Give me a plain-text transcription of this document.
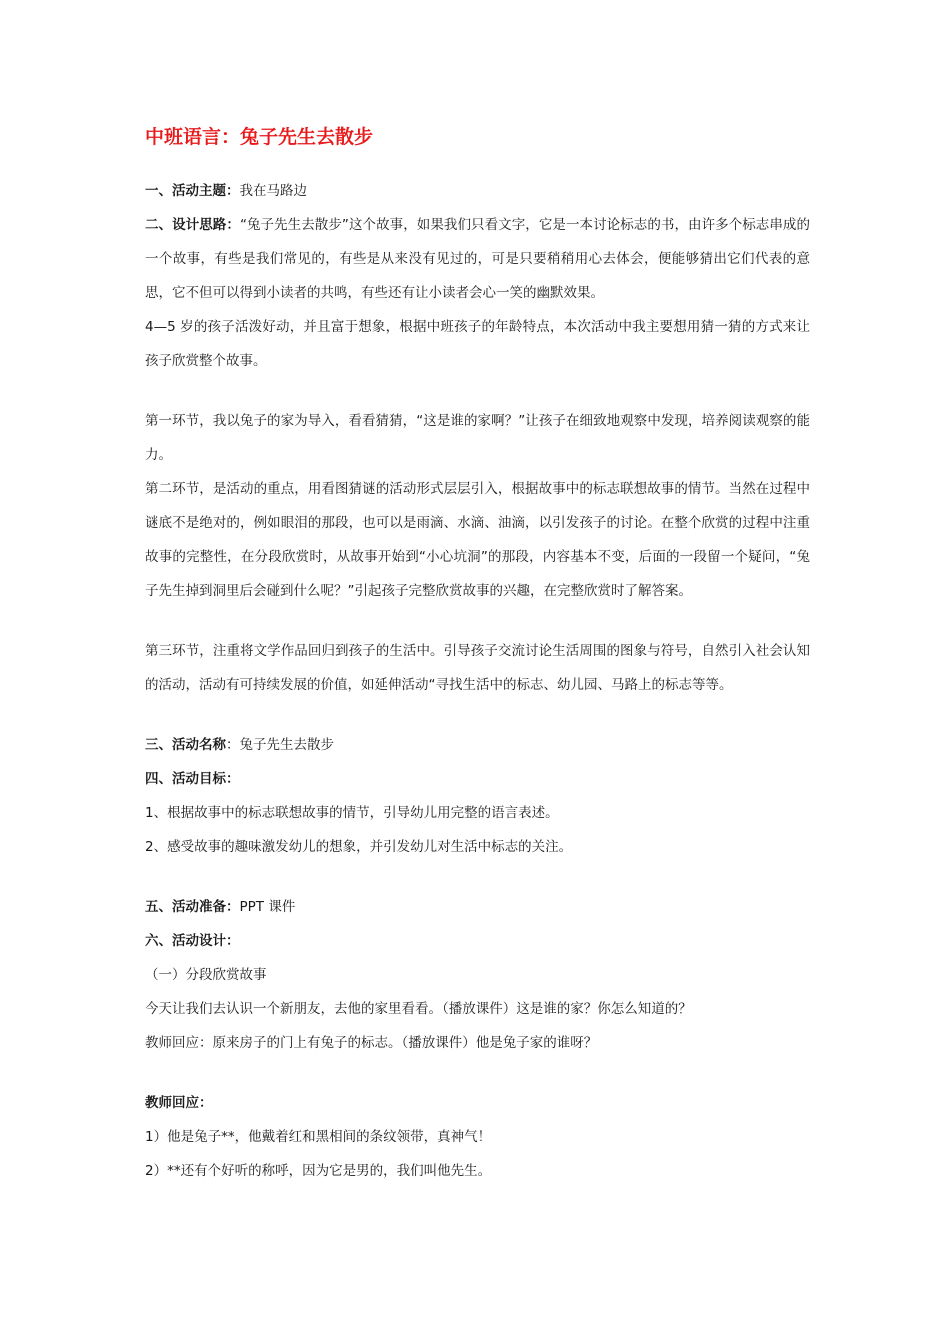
中班语言：兔子先生去散步

一、活动主题：我在马路边

二、设计思路：“兔子先生去散步”这个故事，如果我们只看文字，它是一本讨论标志的书，由许多个标志串成的一个故事，有些是我们常见的，有些是从来没有见过的，可是只要稍稍用心去体会，便能够猜出它们代表的意思，它不但可以得到小读者的共鸣，有些还有让小读者会心一笑的幽默效果。

4—5 岁的孩子活泼好动，并且富于想象，根据中班孩子的年龄特点，本次活动中我主要想用猜一猜的方式来让孩子欣赏整个故事。

第一环节，我以兔子的家为导入，看看猜猜，“这是谁的家啊？”让孩子在细致地观察中发现，培养阅读观察的能力。

第二环节，是活动的重点，用看图猜谜的活动形式层层引入，根据故事中的标志联想故事的情节。当然在过程中谜底不是绝对的，例如眼泪的那段，也可以是雨滴、水滴、油滴，以引发孩子的讨论。在整个欣赏的过程中注重故事的完整性，在分段欣赏时，从故事开始到“小心坑洞”的那段，内容基本不变，后面的一段留一个疑问，“兔子先生掉到洞里后会碰到什么呢？”引起孩子完整欣赏故事的兴趣，在完整欣赏时了解答案。

第三环节，注重将文学作品回归到孩子的生活中。引导孩子交流讨论生活周围的图象与符号，自然引入社会认知的活动，活动有可持续发展的价值，如延伸活动“寻找生活中的标志、幼儿园、马路上的标志等等。

三、活动名称：兔子先生去散步

四、活动目标：

1、根据故事中的标志联想故事的情节，引导幼儿用完整的语言表述。

2、感受故事的趣味激发幼儿的想象，并引发幼儿对生活中标志的关注。

五、活动准备：PPT 课件

六、活动设计：

（一）分段欣赏故事

今天让我们去认识一个新朋友，去他的家里看看。（播放课件）这是谁的家？你怎么知道的？

教师回应：原来房子的门上有兔子的标志。（播放课件）他是兔子家的谁呀？

教师回应：

1）他是兔子**，他戴着红和黑相间的条纹领带，真神气！

2）**还有个好听的称呼，因为它是男的，我们叫他先生。
